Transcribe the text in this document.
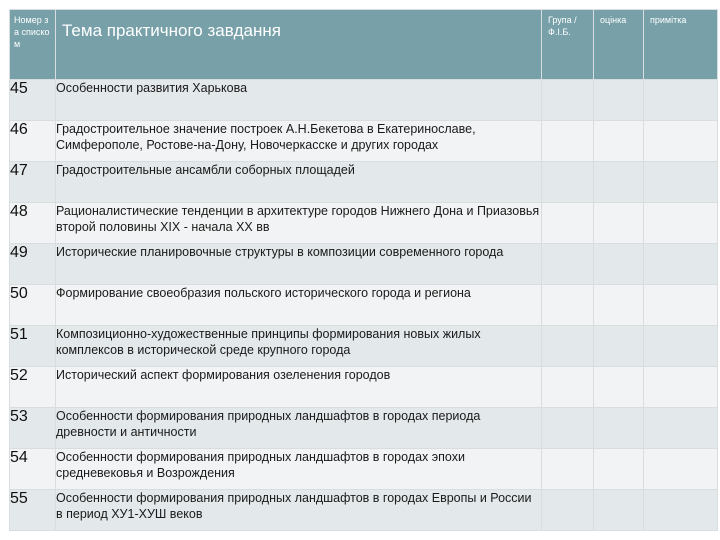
Номер за списком	Тема практичного завдання	Група / Ф.І.Б.	оцінка	примітка
45	Особенности развития Харькова			
46	Градостроительное значение построек А.Н.Бекетова в Екатеринославе, Симферополе, Ростове-на-Дону, Новочеркасске и других городах			
47	Градостроительные ансамбли соборных площадей			
48	Рационалистические тенденции в архитектуре городов Нижнего Дона и Приазовья второй половины XIX - начала XX вв			
49	Исторические планировочные структуры в композиции современного города			
50	Формирование своеобразия польского исторического города и региона			
51	Композиционно-художественные принципы формирования новых жилых комплексов в исторической среде крупного города			
52	Исторический аспект формирования озеленения городов			
53	Особенности формирования природных ландшафтов в городах периода древности и античности			
54	Особенности формирования природных ландшафтов в городах эпохи средневековья и Возрождения			
55	Особенности формирования природных ландшафтов в городах Европы и России в период ХУ1-ХУШ веков			
